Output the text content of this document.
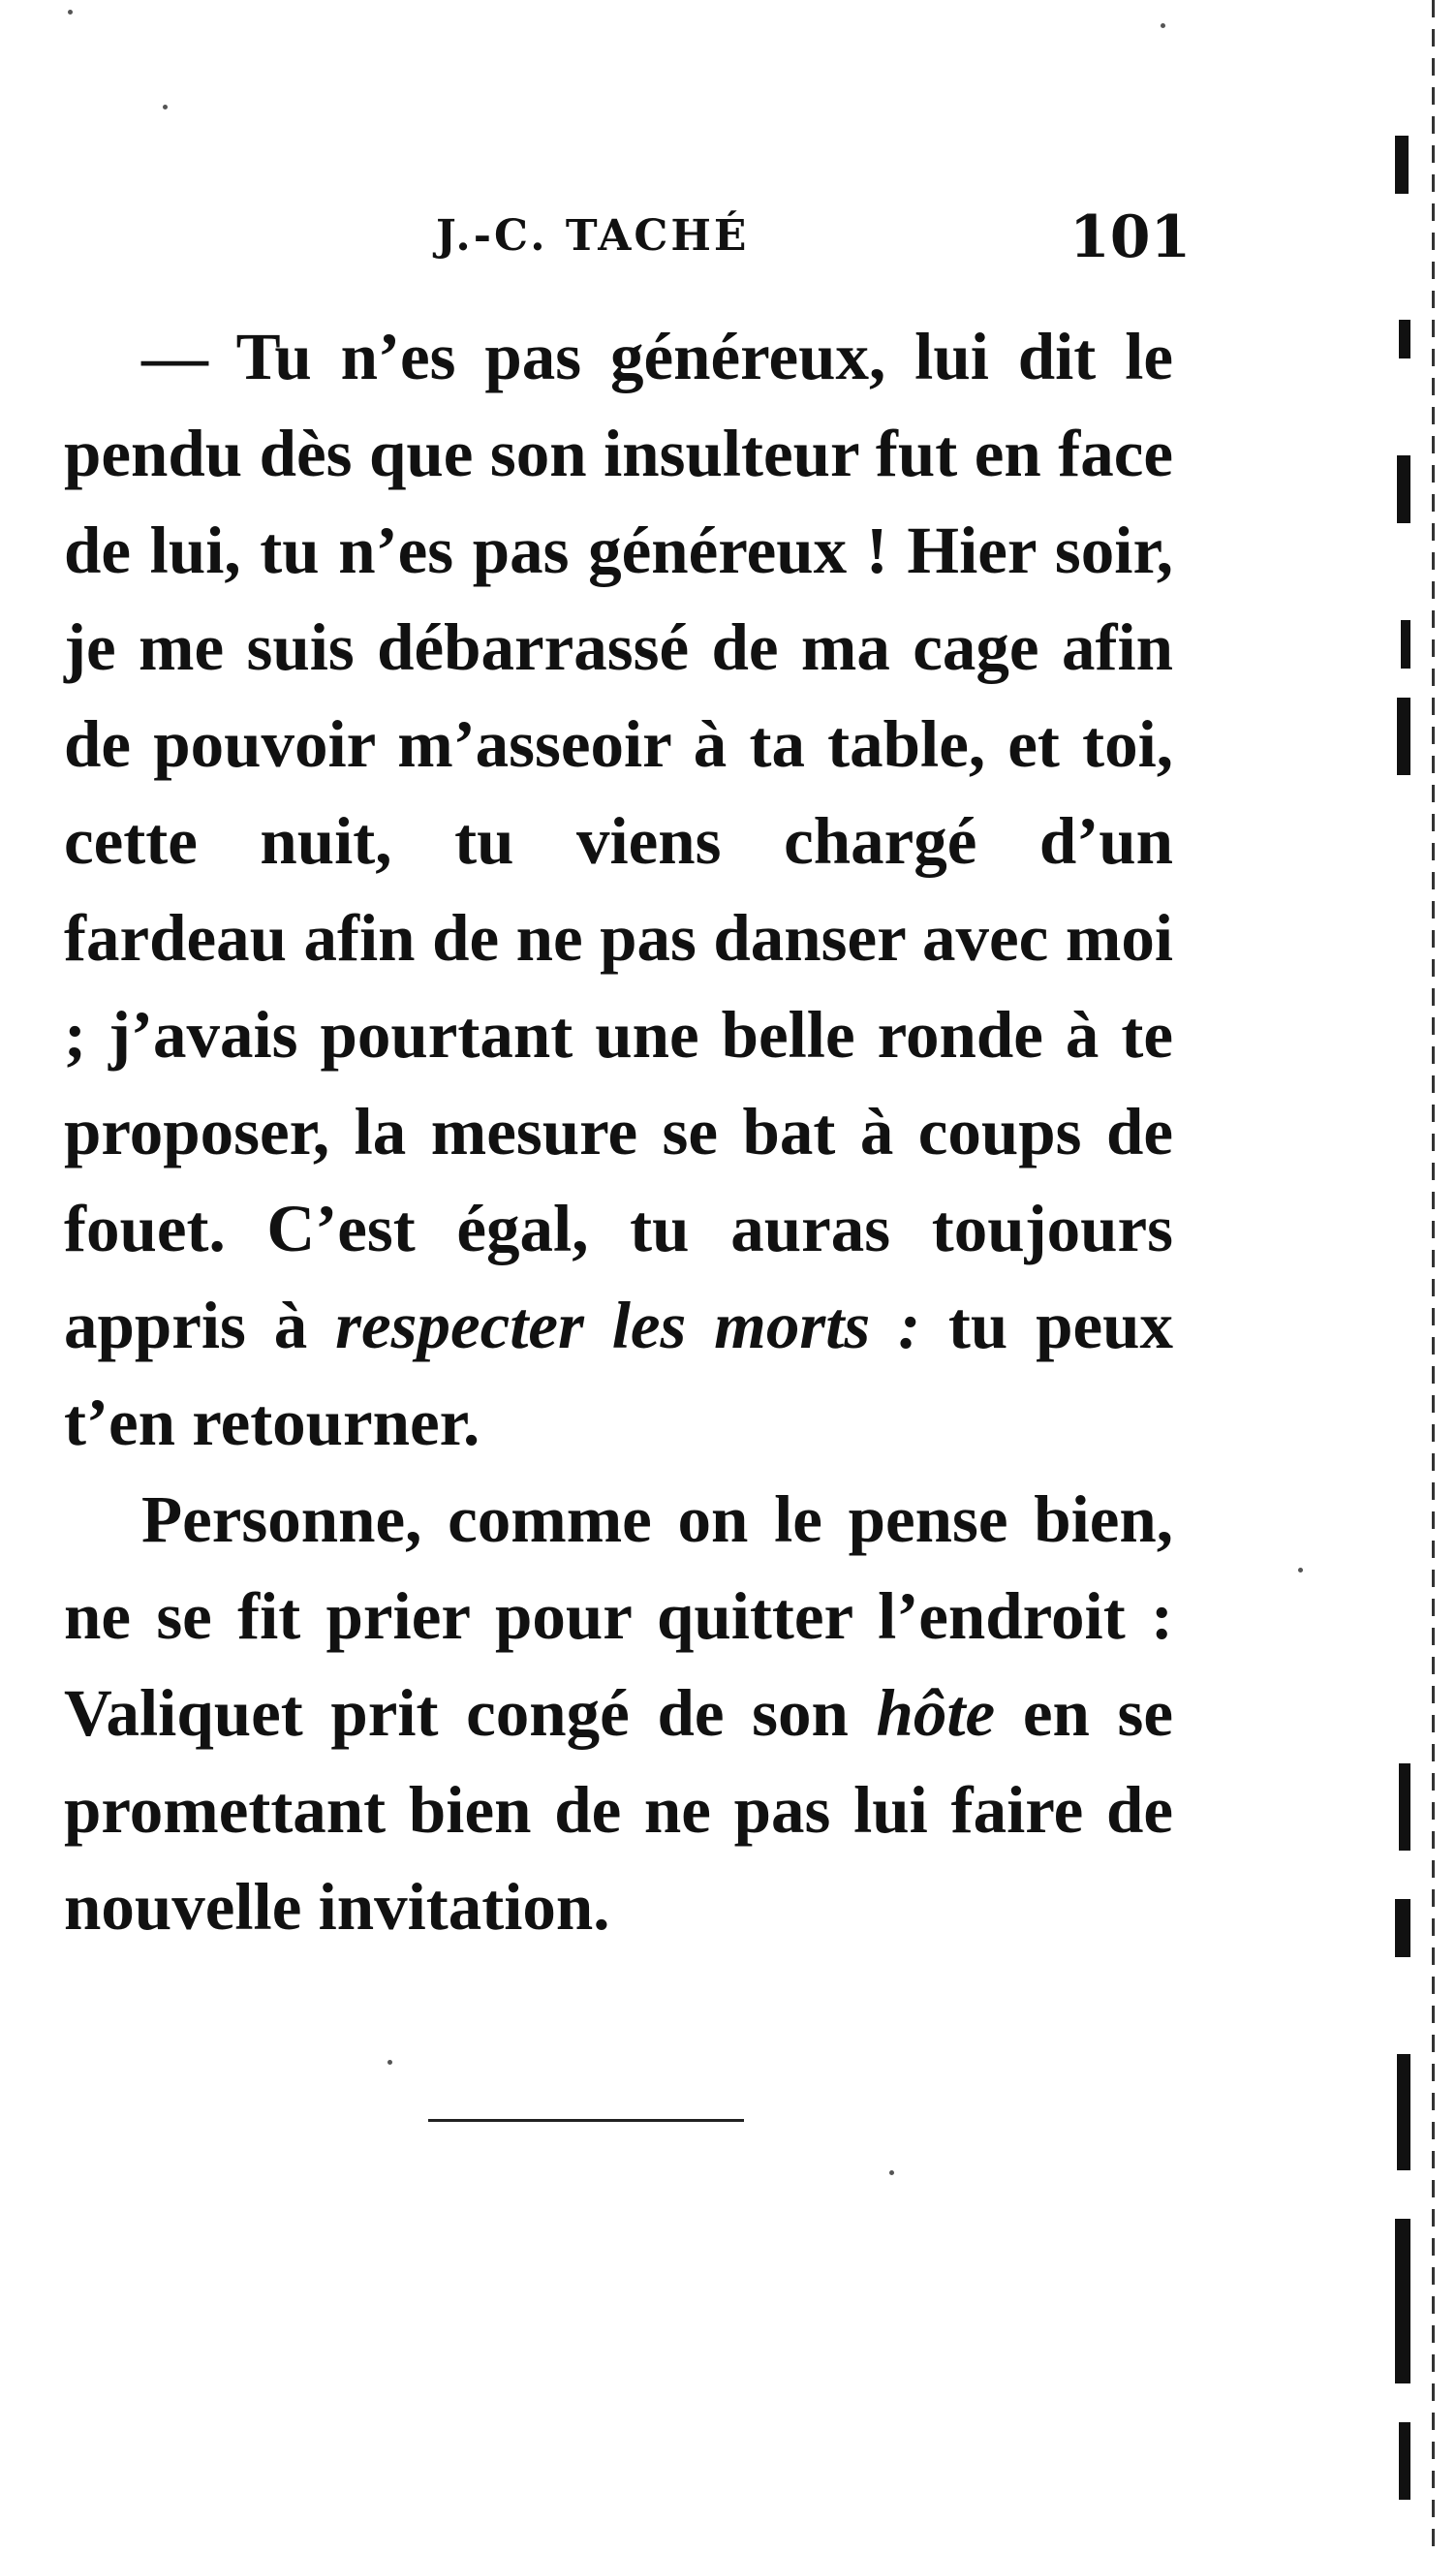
J.-C. TACHÉ	101

— Tu n’es pas généreux, lui dit le pendu dès que son insulteur fut en face de lui, tu n’es pas généreux ! Hier soir, je me suis débarrassé de ma cage afin de pouvoir m’asseoir à ta table, et toi, cette nuit, tu viens chargé d’un fardeau afin de ne pas danser avec moi ; j’avais pourtant une belle ronde à te proposer, la mesure se bat à coups de fouet. C’est égal, tu auras toujours appris à respecter les morts : tu peux t’en retourner.

Personne, comme on le pense bien, ne se fit prier pour quitter l’endroit : Valiquet prit congé de son hôte en se promettant bien de ne pas lui faire de nouvelle invitation.
